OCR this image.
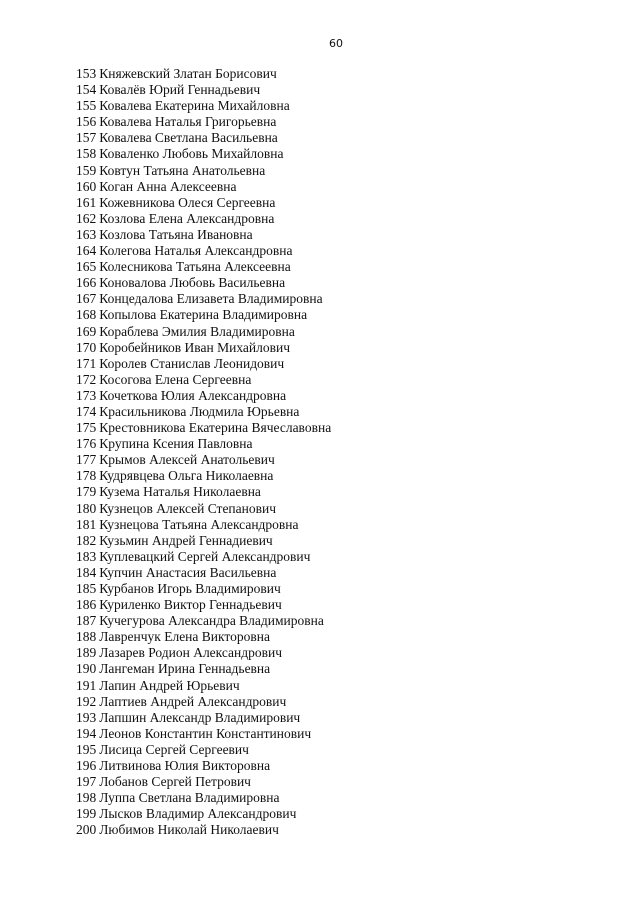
60
153 Княжевский Златан Борисович
154 Ковалёв Юрий Геннадьевич
155 Ковалева Екатерина Михайловна
156 Ковалева Наталья Григорьевна
157 Ковалева Светлана Васильевна
158 Коваленко Любовь Михайловна
159 Ковтун Татьяна Анатольевна
160 Коган Анна Алексеевна
161 Кожевникова Олеся Сергеевна
162 Козлова Елена Александровна
163 Козлова Татьяна Ивановна
164 Колегова Наталья Александровна
165 Колесникова Татьяна Алексеевна
166 Коновалова Любовь Васильевна
167 Концедалова Елизавета Владимировна
168 Копылова Екатерина Владимировна
169 Кораблева Эмилия Владимировна
170 Коробейников Иван Михайлович
171 Королев Станислав Леонидович
172 Косогова Елена Сергеевна
173 Кочеткова Юлия Александровна
174 Красильникова Людмила Юрьевна
175 Крестовникова Екатерина Вячеславовна
176 Крупина Ксения Павловна
177 Крымов Алексей Анатольевич
178 Кудрявцева Ольга Николаевна
179 Кузема Наталья Николаевна
180 Кузнецов Алексей Степанович
181 Кузнецова Татьяна Александровна
182 Кузьмин Андрей Геннадиевич
183 Куплевацкий Сергей Александрович
184 Купчин Анастасия Васильевна
185 Курбанов Игорь Владимирович
186 Куриленко Виктор Геннадьевич
187 Кучегурова Александра Владимировна
188 Лавренчук Елена Викторовна
189 Лазарев Родион Александрович
190 Лангеман Ирина Геннадьевна
191 Лапин Андрей Юрьевич
192 Лаптиев Андрей Александрович
193 Лапшин Александр Владимирович
194 Леонов Константин Константинович
195 Лисица Сергей Сергеевич
196 Литвинова Юлия Викторовна
197 Лобанов Сергей Петрович
198 Луппа Светлана Владимировна
199 Лысков Владимир Александрович
200 Любимов Николай Николаевич
